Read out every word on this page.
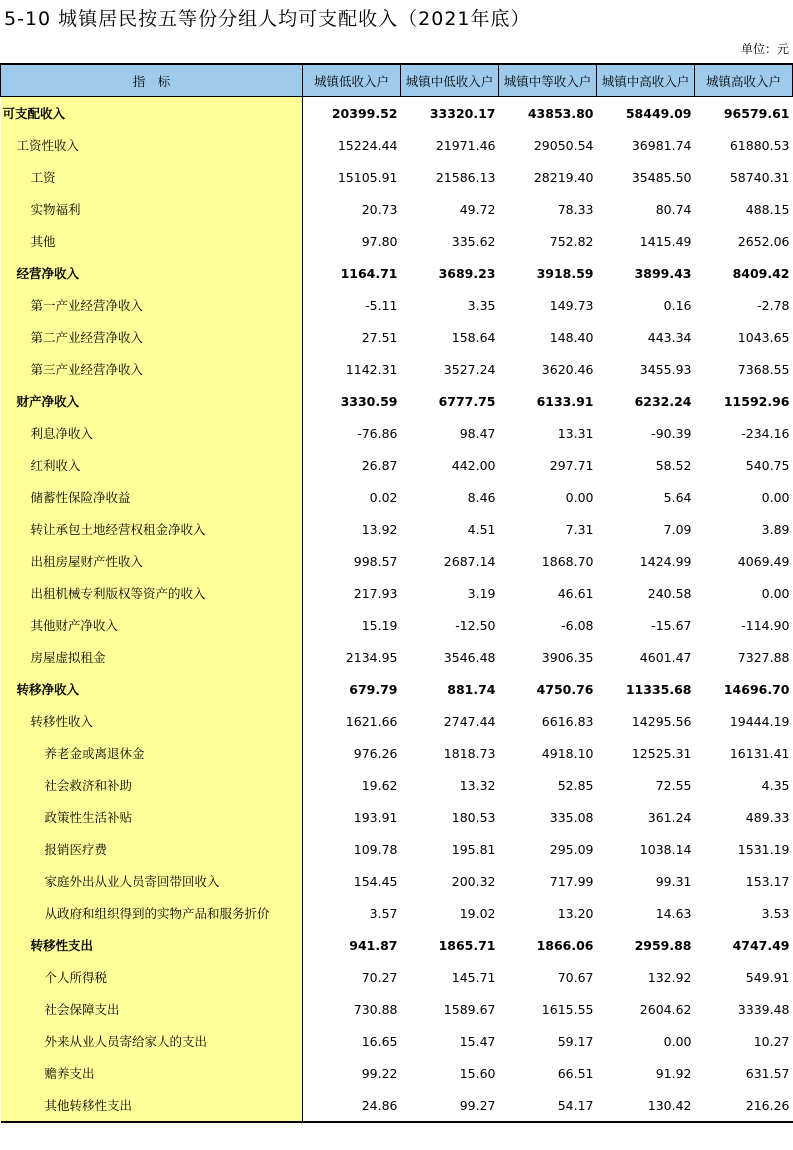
5-10 城镇居民按五等份分组人均可支配收入（2021年底）
单位：元
指　标	城镇低收入户	城镇中低收入户	城镇中等收入户	城镇中高收入户	城镇高收入户
可支配收入	20399.52	33320.17	43853.80	58449.09	96579.61
工资性收入	15224.44	21971.46	29050.54	36981.74	61880.53
工资	15105.91	21586.13	28219.40	35485.50	58740.31
实物福利	20.73	49.72	78.33	80.74	488.15
其他	97.80	335.62	752.82	1415.49	2652.06
经营净收入	1164.71	3689.23	3918.59	3899.43	8409.42
第一产业经营净收入	-5.11	3.35	149.73	0.16	-2.78
第二产业经营净收入	27.51	158.64	148.40	443.34	1043.65
第三产业经营净收入	1142.31	3527.24	3620.46	3455.93	7368.55
财产净收入	3330.59	6777.75	6133.91	6232.24	11592.96
利息净收入	-76.86	98.47	13.31	-90.39	-234.16
红利收入	26.87	442.00	297.71	58.52	540.75
储蓄性保险净收益	0.02	8.46	0.00	5.64	0.00
转让承包土地经营权租金净收入	13.92	4.51	7.31	7.09	3.89
出租房屋财产性收入	998.57	2687.14	1868.70	1424.99	4069.49
出租机械专利版权等资产的收入	217.93	3.19	46.61	240.58	0.00
其他财产净收入	15.19	-12.50	-6.08	-15.67	-114.90
房屋虚拟租金	2134.95	3546.48	3906.35	4601.47	7327.88
转移净收入	679.79	881.74	4750.76	11335.68	14696.70
转移性收入	1621.66	2747.44	6616.83	14295.56	19444.19
养老金或离退休金	976.26	1818.73	4918.10	12525.31	16131.41
社会救济和补助	19.62	13.32	52.85	72.55	4.35
政策性生活补贴	193.91	180.53	335.08	361.24	489.33
报销医疗费	109.78	195.81	295.09	1038.14	1531.19
家庭外出从业人员寄回带回收入	154.45	200.32	717.99	99.31	153.17
从政府和组织得到的实物产品和服务折价	3.57	19.02	13.20	14.63	3.53
转移性支出	941.87	1865.71	1866.06	2959.88	4747.49
个人所得税	70.27	145.71	70.67	132.92	549.91
社会保障支出	730.88	1589.67	1615.55	2604.62	3339.48
外来从业人员寄给家人的支出	16.65	15.47	59.17	0.00	10.27
赡养支出	99.22	15.60	66.51	91.92	631.57
其他转移性支出	24.86	99.27	54.17	130.42	216.26
